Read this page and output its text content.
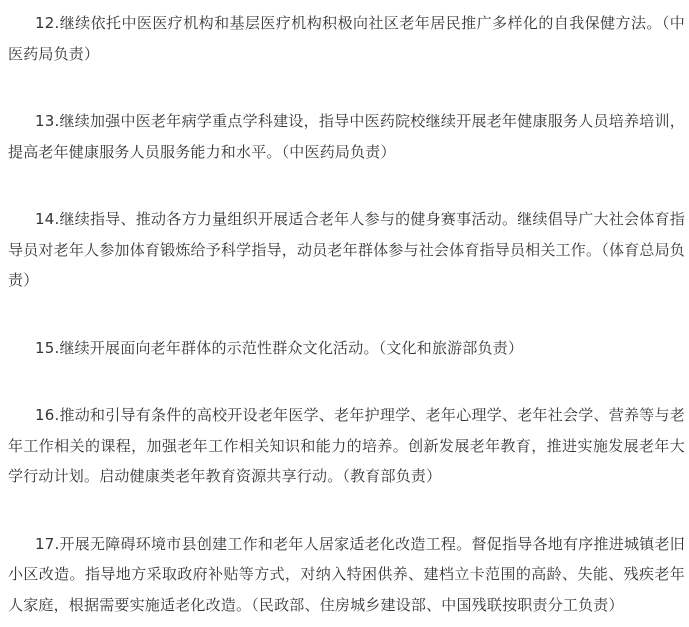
12.继续依托中医医疗机构和基层医疗机构积极向社区老年居民推广多样化的自我保健方法。（中医药局负责）

13.继续加强中医老年病学重点学科建设，指导中医药院校继续开展老年健康服务人员培养培训，提高老年健康服务人员服务能力和水平。（中医药局负责）

14.继续指导、推动各方力量组织开展适合老年人参与的健身赛事活动。继续倡导广大社会体育指导员对老年人参加体育锻炼给予科学指导，动员老年群体参与社会体育指导员相关工作。（体育总局负责）

15.继续开展面向老年群体的示范性群众文化活动。（文化和旅游部负责）

16.推动和引导有条件的高校开设老年医学、老年护理学、老年心理学、老年社会学、营养等与老年工作相关的课程，加强老年工作相关知识和能力的培养。创新发展老年教育，推进实施发展老年大学行动计划。启动健康类老年教育资源共享行动。（教育部负责）

17.开展无障碍环境市县创建工作和老年人居家适老化改造工程。督促指导各地有序推进城镇老旧小区改造。指导地方采取政府补贴等方式，对纳入特困供养、建档立卡范围的高龄、失能、残疾老年人家庭，根据需要实施适老化改造。（民政部、住房城乡建设部、中国残联按职责分工负责）
